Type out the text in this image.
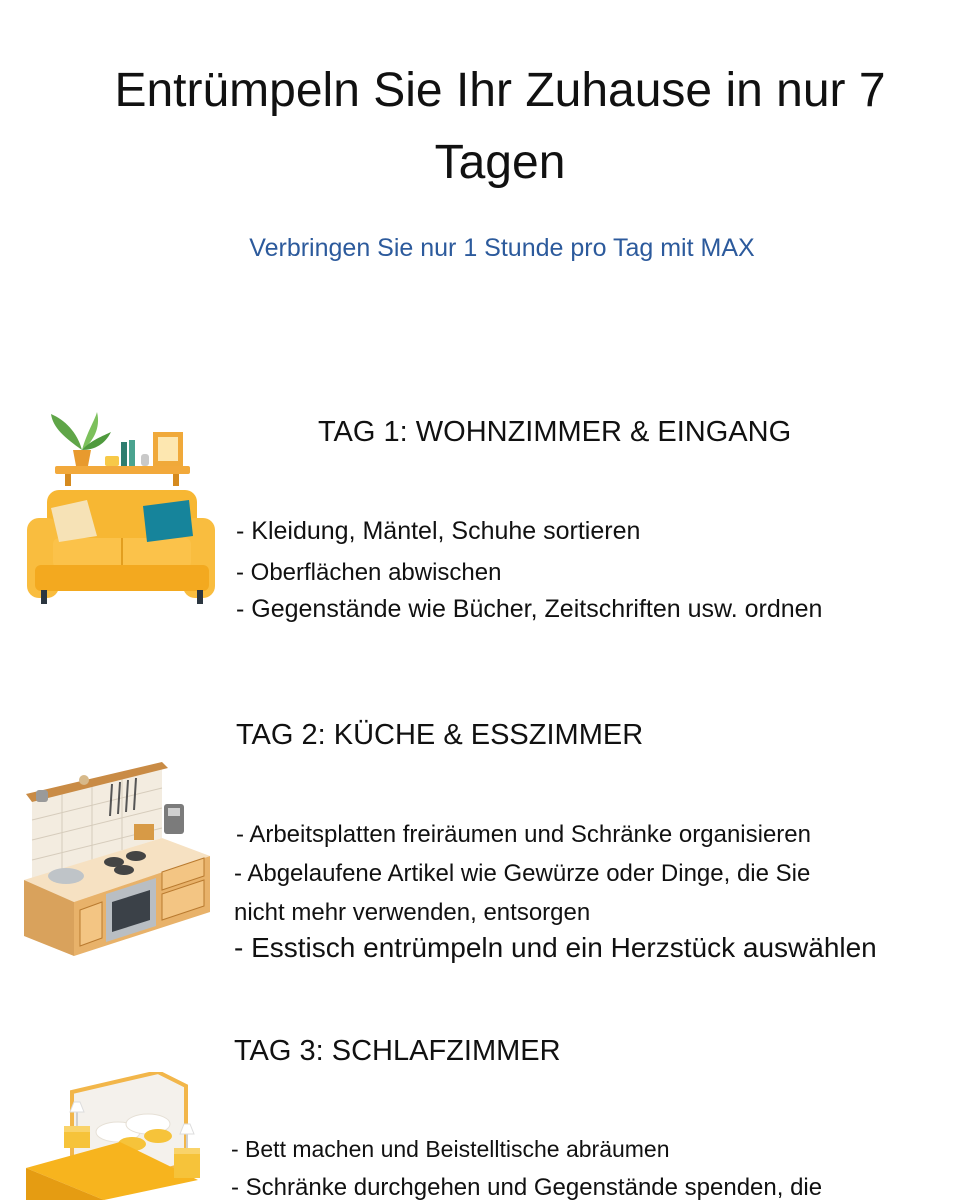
Entrümpeln Sie Ihr Zuhause in nur 7 Tagen
Verbringen Sie nur 1 Stunde pro Tag mit MAX
TAG 1: WOHNZIMMER & EINGANG
- Kleidung, Mäntel, Schuhe sortieren
- Oberflächen abwischen
- Gegenstände wie Bücher, Zeitschriften usw. ordnen
TAG 2: KÜCHE & ESSZIMMER
- Arbeitsplatten freiräumen und Schränke organisieren
- Abgelaufene Artikel wie Gewürze oder Dinge, die Sie
nicht mehr verwenden, entsorgen
- Esstisch entrümpeln und ein Herzstück auswählen
TAG 3: SCHLAFZIMMER
- Bett machen und Beistelltische abräumen
- Schränke durchgehen und Gegenstände spenden, die
